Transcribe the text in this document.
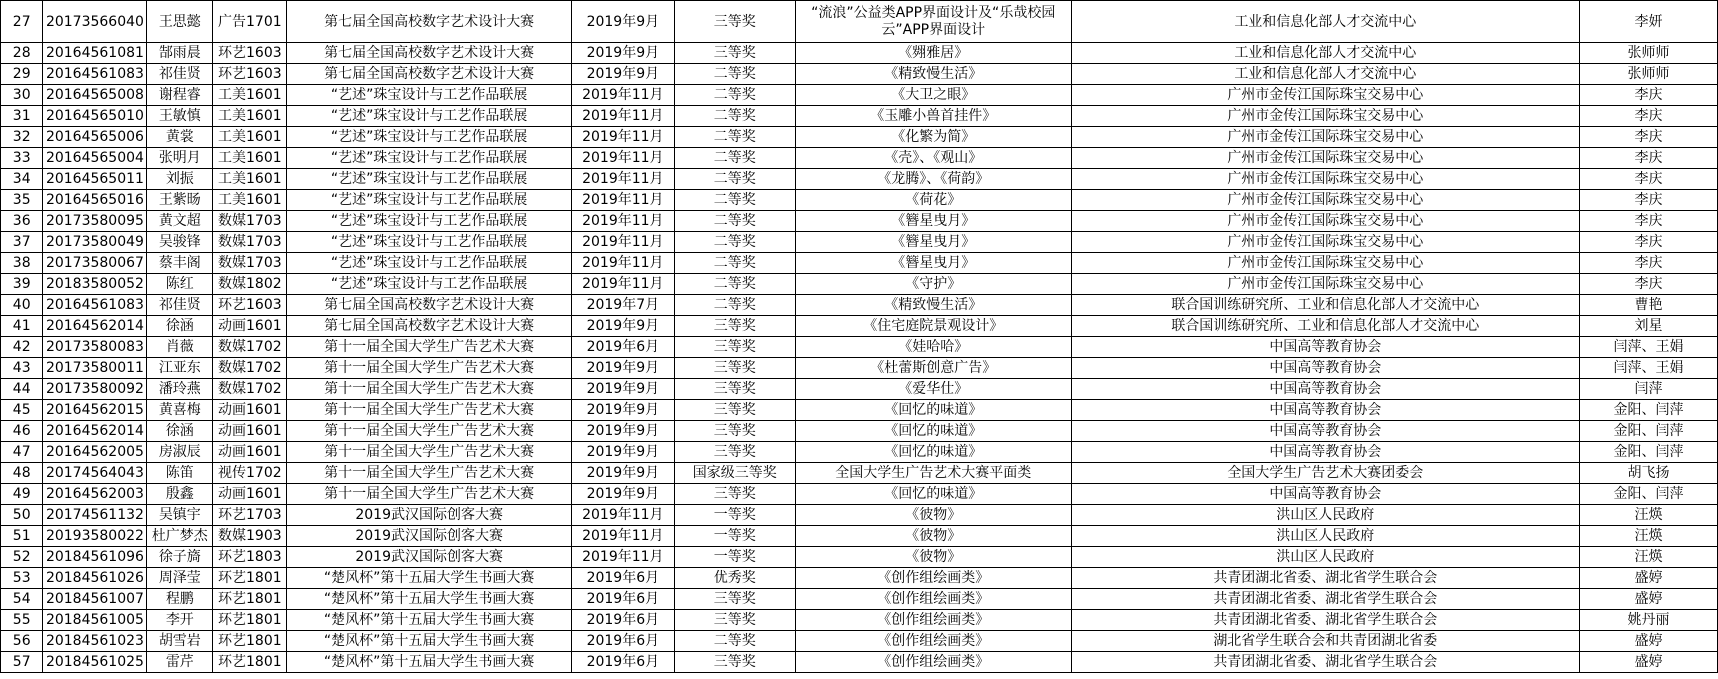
27	20173566040	王思懿	广告1701	第七届全国高校数字艺术设计大赛	2019年9月	三等奖	“流浪”公益类APP界面设计及“乐哉校园云”APP界面设计	工业和信息化部人才交流中心	李妍
28	20164561081	郜雨晨	环艺1603	第七届全国高校数字艺术设计大赛	2019年9月	三等奖	《翙雅居》	工业和信息化部人才交流中心	张师师
29	20164561083	祁佳贤	环艺1603	第七届全国高校数字艺术设计大赛	2019年9月	二等奖	《精致慢生活》	工业和信息化部人才交流中心	张师师
30	20164565008	谢程睿	工美1601	“艺述”珠宝设计与工艺作品联展	2019年11月	二等奖	《大卫之眼》	广州市金传江国际珠宝交易中心	李庆
31	20164565010	王敏慎	工美1601	“艺述”珠宝设计与工艺作品联展	2019年11月	二等奖	《玉雕小兽首挂件》	广州市金传江国际珠宝交易中心	李庆
32	20164565006	黄裳	工美1601	“艺述”珠宝设计与工艺作品联展	2019年11月	二等奖	《化繁为简》	广州市金传江国际珠宝交易中心	李庆
33	20164565004	张明月	工美1601	“艺述”珠宝设计与工艺作品联展	2019年11月	二等奖	《壳》、《观山》	广州市金传江国际珠宝交易中心	李庆
34	20164565011	刘振	工美1601	“艺述”珠宝设计与工艺作品联展	2019年11月	二等奖	《龙腾》、《荷韵》	广州市金传江国际珠宝交易中心	李庆
35	20164565016	王紫旸	工美1601	“艺述”珠宝设计与工艺作品联展	2019年11月	二等奖	《荷花》	广州市金传江国际珠宝交易中心	李庆
36	20173580095	黄文超	数媒1703	“艺述”珠宝设计与工艺作品联展	2019年11月	二等奖	《簪星曳月》	广州市金传江国际珠宝交易中心	李庆
37	20173580049	吴骏锋	数媒1703	“艺述”珠宝设计与工艺作品联展	2019年11月	二等奖	《簪星曳月》	广州市金传江国际珠宝交易中心	李庆
38	20173580067	蔡丰阁	数媒1703	“艺述”珠宝设计与工艺作品联展	2019年11月	二等奖	《簪星曳月》	广州市金传江国际珠宝交易中心	李庆
39	20183580052	陈红	数媒1802	“艺述”珠宝设计与工艺作品联展	2019年11月	二等奖	《守护》	广州市金传江国际珠宝交易中心	李庆
40	20164561083	祁佳贤	环艺1603	第七届全国高校数字艺术设计大赛	2019年7月	二等奖	《精致慢生活》	联合国训练研究所、工业和信息化部人才交流中心	曹艳
41	20164562014	徐涵	动画1601	第七届全国高校数字艺术设计大赛	2019年9月	三等奖	《住宅庭院景观设计》	联合国训练研究所、工业和信息化部人才交流中心	刘星
42	20173580083	肖薇	数媒1702	第十一届全国大学生广告艺术大赛	2019年6月	三等奖	《娃哈哈》	中国高等教育协会	闫萍、王娟
43	20173580011	江亚东	数媒1702	第十一届全国大学生广告艺术大赛	2019年9月	三等奖	《杜蕾斯创意广告》	中国高等教育协会	闫萍、王娟
44	20173580092	潘玲燕	数媒1702	第十一届全国大学生广告艺术大赛	2019年9月	三等奖	《爱华仕》	中国高等教育协会	闫萍
45	20164562015	黄喜梅	动画1601	第十一届全国大学生广告艺术大赛	2019年9月	三等奖	《回忆的味道》	中国高等教育协会	金阳、闫萍
46	20164562014	徐涵	动画1601	第十一届全国大学生广告艺术大赛	2019年9月	三等奖	《回忆的味道》	中国高等教育协会	金阳、闫萍
47	20164562005	房淑辰	动画1601	第十一届全国大学生广告艺术大赛	2019年9月	三等奖	《回忆的味道》	中国高等教育协会	金阳、闫萍
48	20174564043	陈笛	视传1702	第十一届全国大学生广告艺术大赛	2019年9月	国家级三等奖	全国大学生广告艺术大赛平面类	全国大学生广告艺术大赛团委会	胡飞扬
49	20164562003	殷鑫	动画1601	第十一届全国大学生广告艺术大赛	2019年9月	三等奖	《回忆的味道》	中国高等教育协会	金阳、闫萍
50	20174561132	吴镇宇	环艺1703	2019武汉国际创客大赛	2019年11月	一等奖	《彼物》	洪山区人民政府	汪煐
51	20193580022	杜广梦杰	数媒1903	2019武汉国际创客大赛	2019年11月	一等奖	《彼物》	洪山区人民政府	汪煐
52	20184561096	徐子旖	环艺1803	2019武汉国际创客大赛	2019年11月	一等奖	《彼物》	洪山区人民政府	汪煐
53	20184561026	周泽莹	环艺1801	“楚风杯”第十五届大学生书画大赛	2019年6月	优秀奖	《创作组绘画类》	共青团湖北省委、湖北省学生联合会	盛婷
54	20184561007	程鹏	环艺1801	“楚风杯”第十五届大学生书画大赛	2019年6月	三等奖	《创作组绘画类》	共青团湖北省委、湖北省学生联合会	盛婷
55	20184561005	李开	环艺1801	“楚风杯”第十五届大学生书画大赛	2019年6月	三等奖	《创作组绘画类》	共青团湖北省委、湖北省学生联合会	姚丹丽
56	20184561023	胡雪岩	环艺1801	“楚风杯”第十五届大学生书画大赛	2019年6月	二等奖	《创作组绘画类》	湖北省学生联合会和共青团湖北省委	盛婷
57	20184561025	雷芹	环艺1801	“楚风杯”第十五届大学生书画大赛	2019年6月	三等奖	《创作组绘画类》	共青团湖北省委、湖北省学生联合会	盛婷
